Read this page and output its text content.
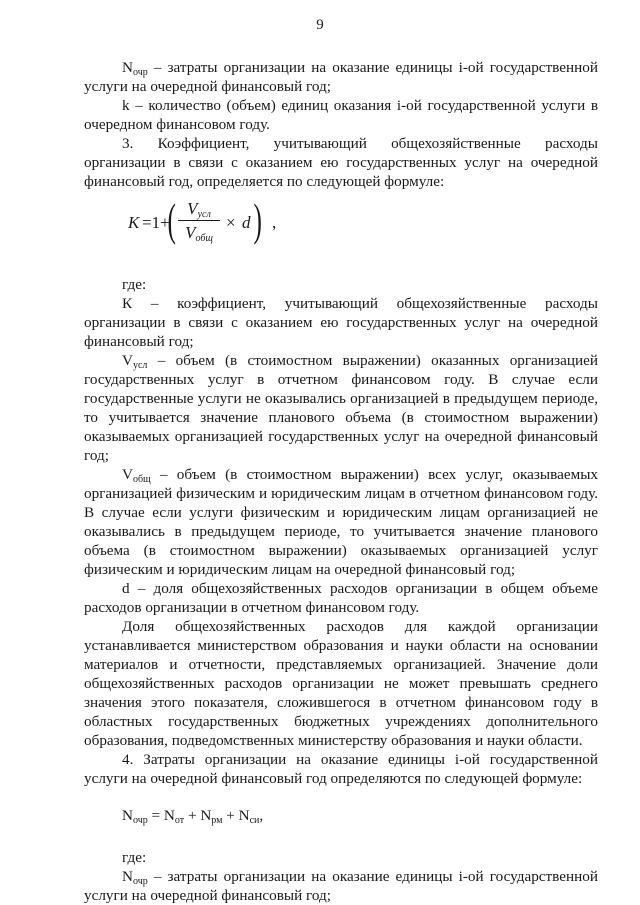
9

$N_{очр}$ – затраты организации на оказание единицы i-ой государственной услуги на очередной финансовый год;

k – количество (объем) единиц оказания i-ой государственной услуги в очередном финансовом году.

3. Коэффициент, учитывающий общехозяйственные расходы организации в связи с оказанием ею государственных услуг на очередной финансовый год, определяется по следующей формуле:

K =1+
( $V_{усл}$
$V_{общ}$
× d ) ,

где:

К – коэффициент, учитывающий общехозяйственные расходы организации в связи с оказанием ею государственных услуг на очередной финансовый год;

$V_{усл}$ – объем (в стоимостном выражении) оказанных организацией государственных услуг в отчетном финансовом году. В случае если государственные услуги не оказывались организацией в предыдущем периоде, то учитывается значение планового объема (в стоимостном выражении) оказываемых организацией государственных услуг на очередной финансовый год;

$V_{общ}$ – объем (в стоимостном выражении) всех услуг, оказываемых организацией физическим и юридическим лицам в отчетном финансовом году. В случае если услуги физическим и юридическим лицам организацией не оказывались в предыдущем периоде, то учитывается значение планового объема (в стоимостном выражении) оказываемых организацией услуг физическим и юридическим лицам на очередной финансовый год;

d – доля общехозяйственных расходов организации в общем объеме расходов организации в отчетном финансовом году.

Доля общехозяйственных расходов для каждой организации устанавливается министерством образования и науки области на основании материалов и отчетности, представляемых организацией. Значение доли общехозяйственных расходов организации не может превышать среднего значения этого показателя, сложившегося в отчетном финансовом году в областных государственных бюджетных учреждениях дополнительного образования, подведомственных министерству образования и науки области.

4. Затраты организации на оказание единицы i-ой государственной услуги на очередной финансовый год определяются по следующей формуле:

$N_{очр} = N_{от} + N_{рм} + N_{си}$,

где:

$N_{очр}$ – затраты организации на оказание единицы i-ой государственной услуги на очередной финансовый год;
